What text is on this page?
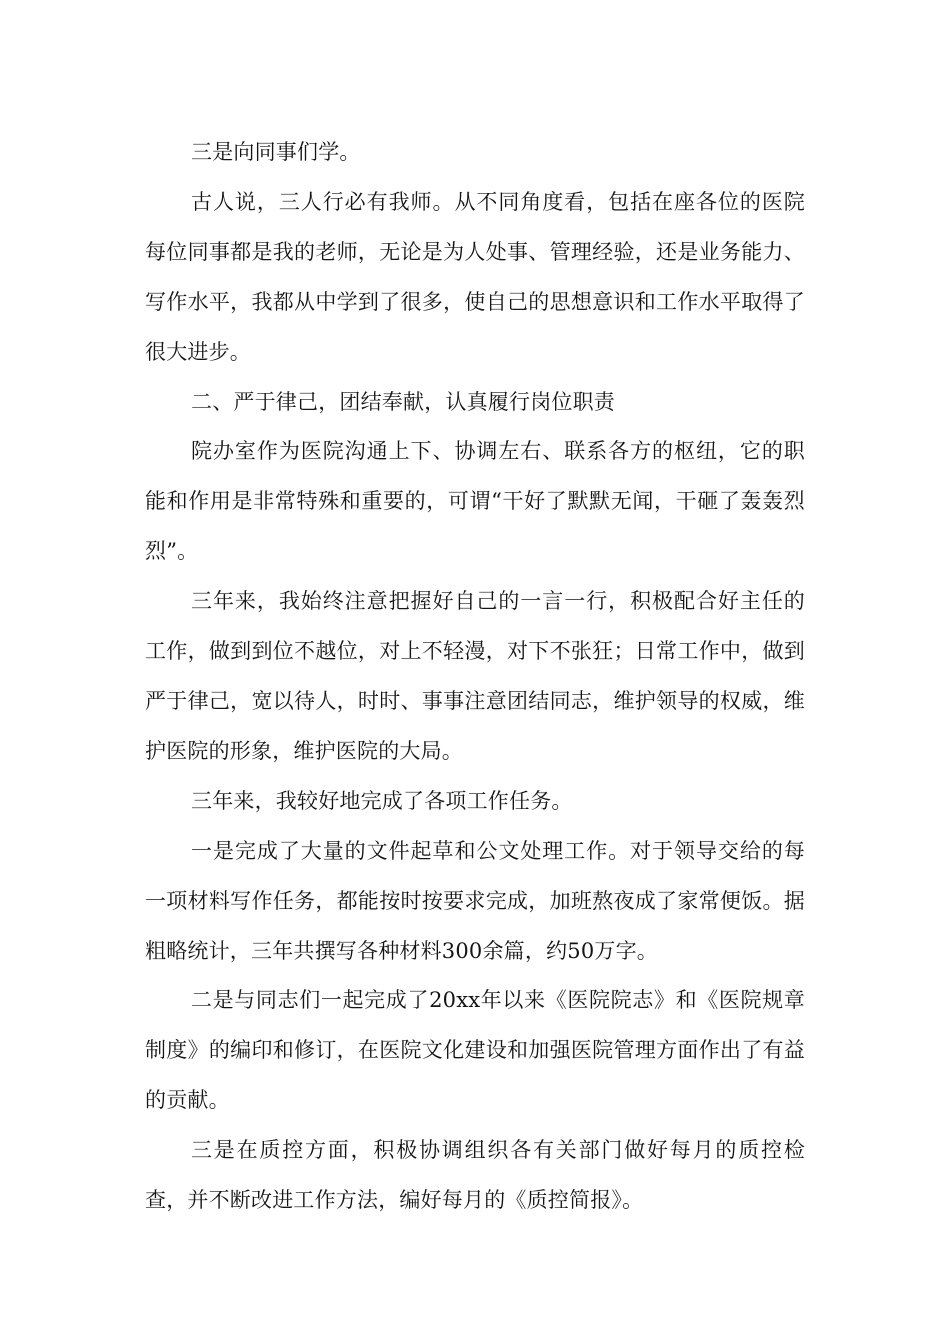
三是向同事们学。

古人说，三人行必有我师。从不同角度看，包括在座各位的医院每位同事都是我的老师，无论是为人处事、管理经验，还是业务能力、写作水平，我都从中学到了很多，使自己的思想意识和工作水平取得了很大进步。

二、严于律己，团结奉献，认真履行岗位职责

院办室作为医院沟通上下、协调左右、联系各方的枢纽，它的职能和作用是非常特殊和重要的，可谓“干好了默默无闻，干砸了轰轰烈烈”。

三年来，我始终注意把握好自己的一言一行，积极配合好主任的工作，做到到位不越位，对上不轻漫，对下不张狂；日常工作中，做到严于律己，宽以待人，时时、事事注意团结同志，维护领导的权威，维护医院的形象，维护医院的大局。

三年来，我较好地完成了各项工作任务。

一是完成了大量的文件起草和公文处理工作。对于领导交给的每一项材料写作任务，都能按时按要求完成，加班熬夜成了家常便饭。据粗略统计，三年共撰写各种材料300余篇，约50万字。

二是与同志们一起完成了20xx年以来《医院院志》和《医院规章制度》的编印和修订，在医院文化建设和加强医院管理方面作出了有益的贡献。

三是在质控方面，积极协调组织各有关部门做好每月的质控检查，并不断改进工作方法，编好每月的《质控简报》。
